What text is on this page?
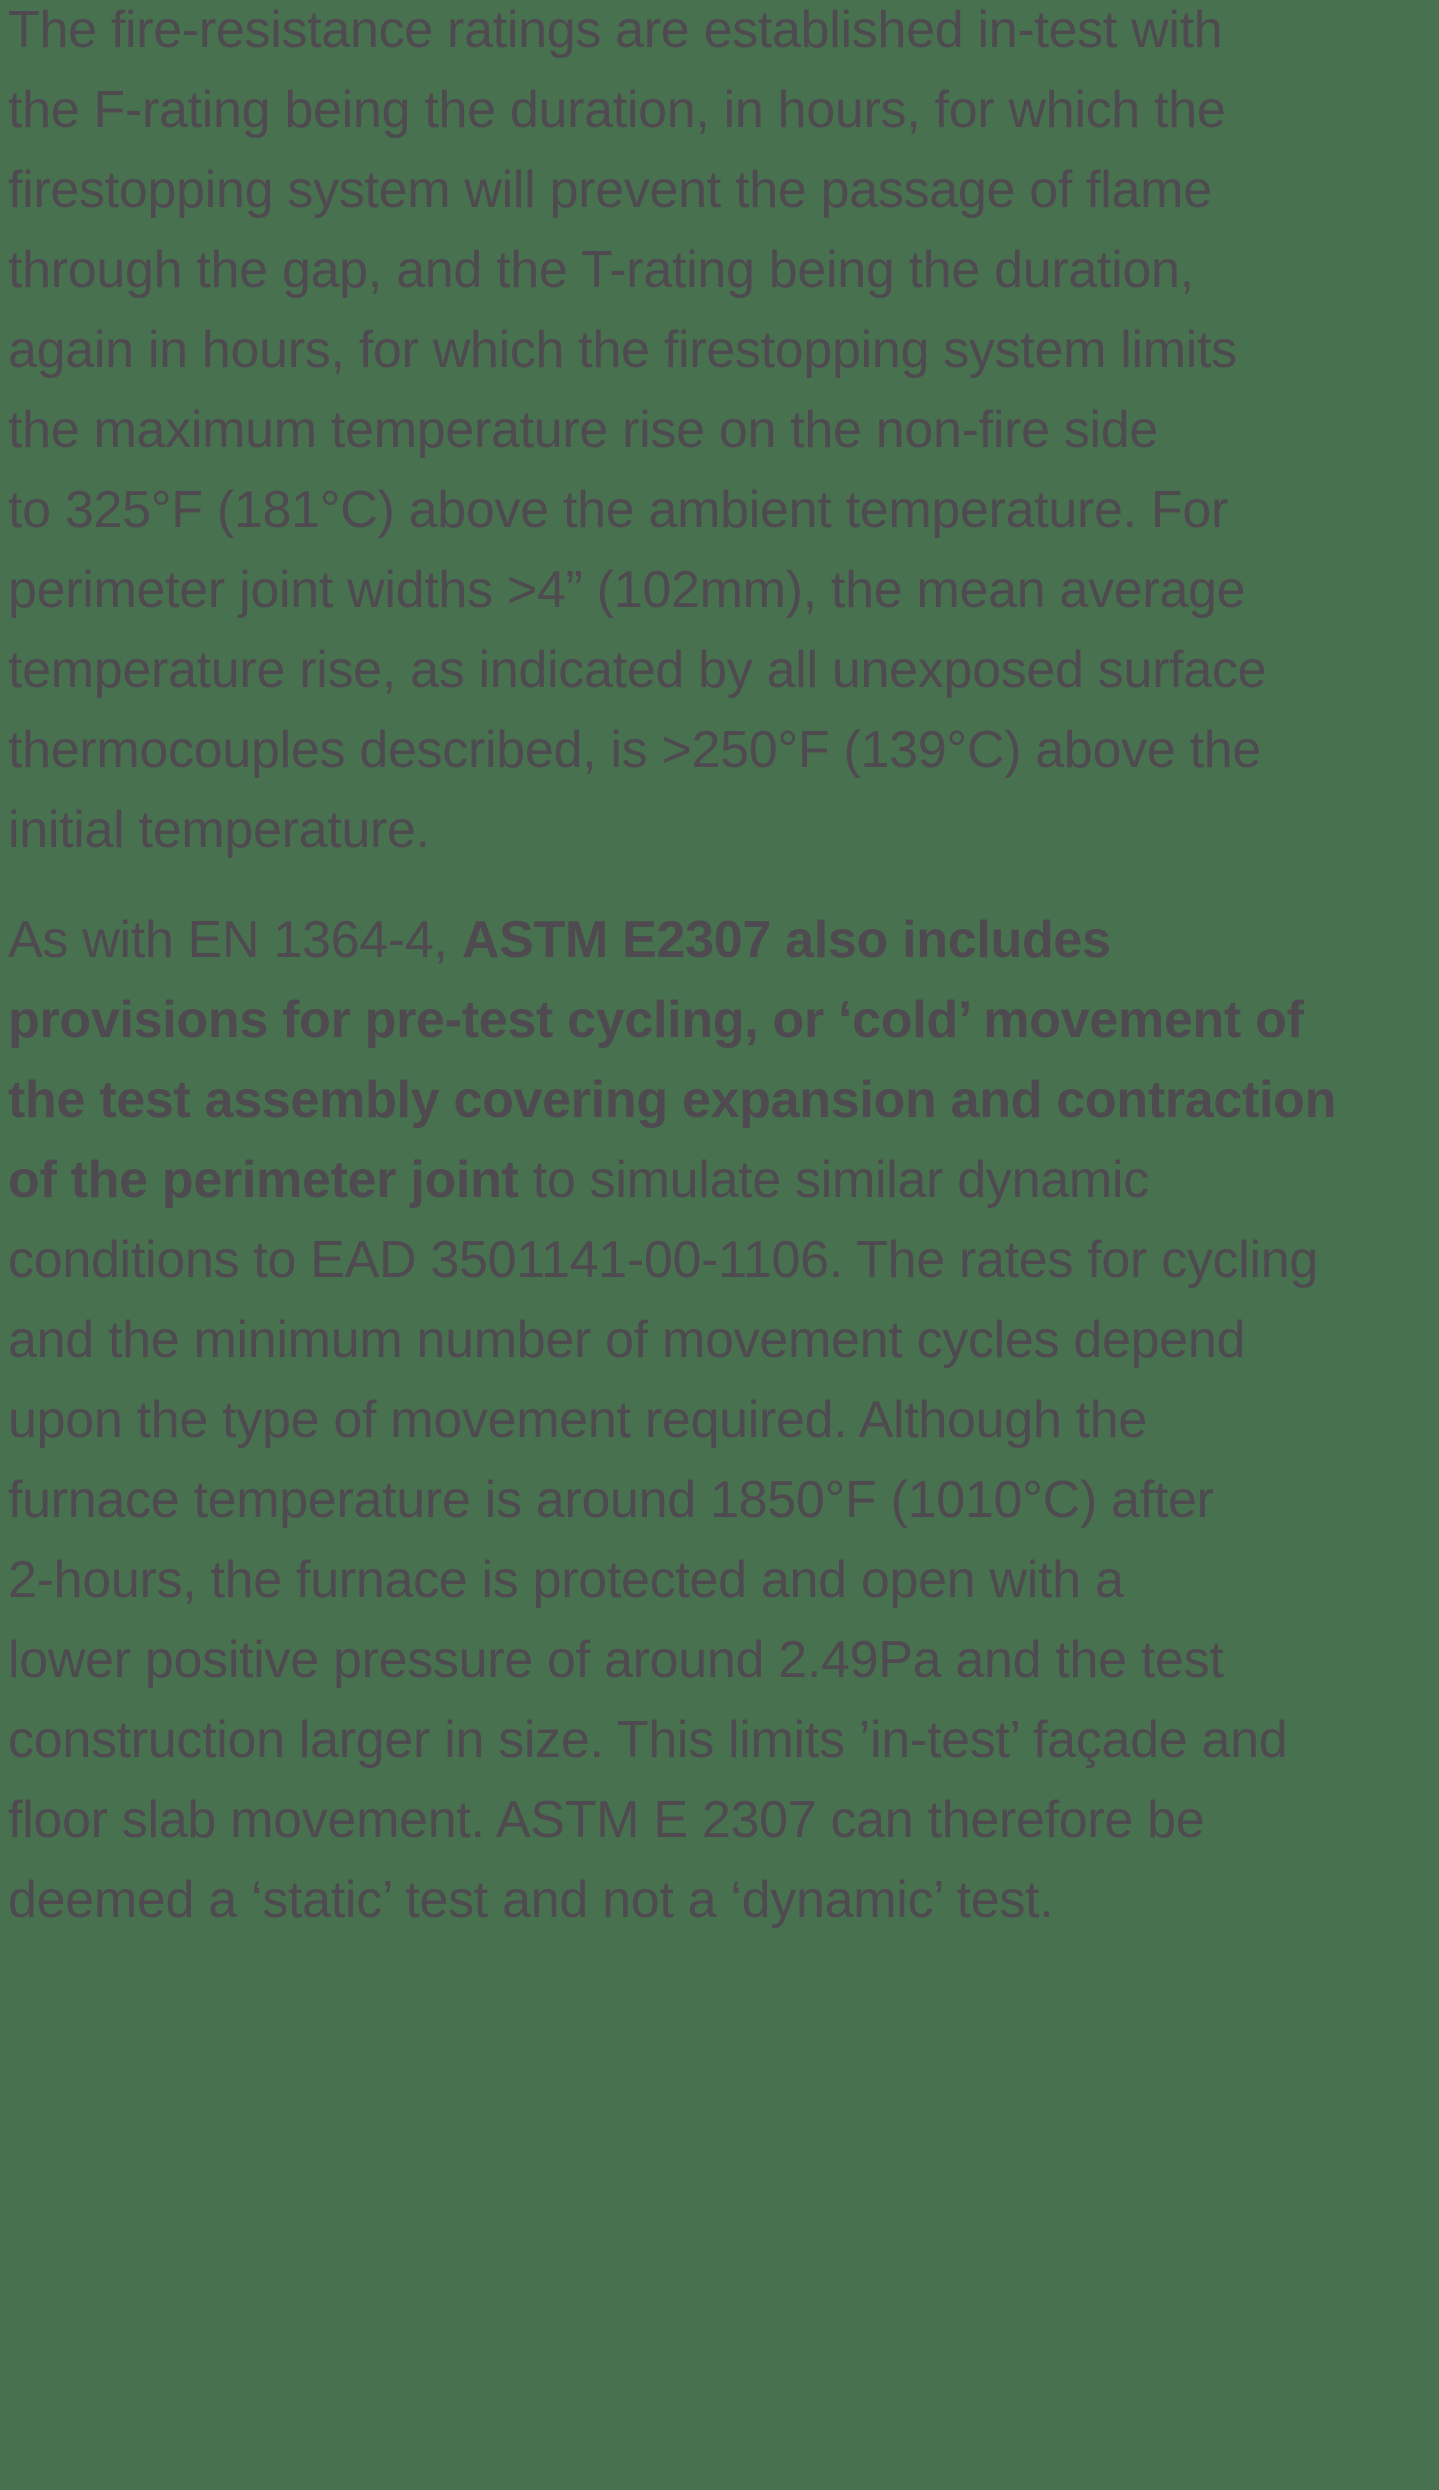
The fire-resistance ratings are established in-test with
the F-rating being the duration, in hours, for which the
firestopping system will prevent the passage of flame
through the gap, and the T-rating being the duration,
again in hours, for which the firestopping system limits
the maximum temperature rise on the non-fire side
to 325°F (181°C) above the ambient temperature. For
perimeter joint widths >4” (102mm), the mean average
temperature rise, as indicated by all unexposed surface
thermocouples described, is >250°F (139°C) above the
initial temperature.
As with EN 1364-4, ASTM E2307 also includes
provisions for pre-test cycling, or ‘cold’ movement of
the test assembly covering expansion and contraction
of the perimeter joint to simulate similar dynamic
conditions to EAD 3501141-00-1106. The rates for cycling
and the minimum number of movement cycles depend
upon the type of movement required. Although the
furnace temperature is around 1850°F (1010°C) after
2-hours, the furnace is protected and open with a
lower positive pressure of around 2.49Pa and the test
construction larger in size. This limits ’in-test’ façade and
floor slab movement. ASTM E 2307 can therefore be
deemed a ‘static’ test and not a ‘dynamic’ test.
